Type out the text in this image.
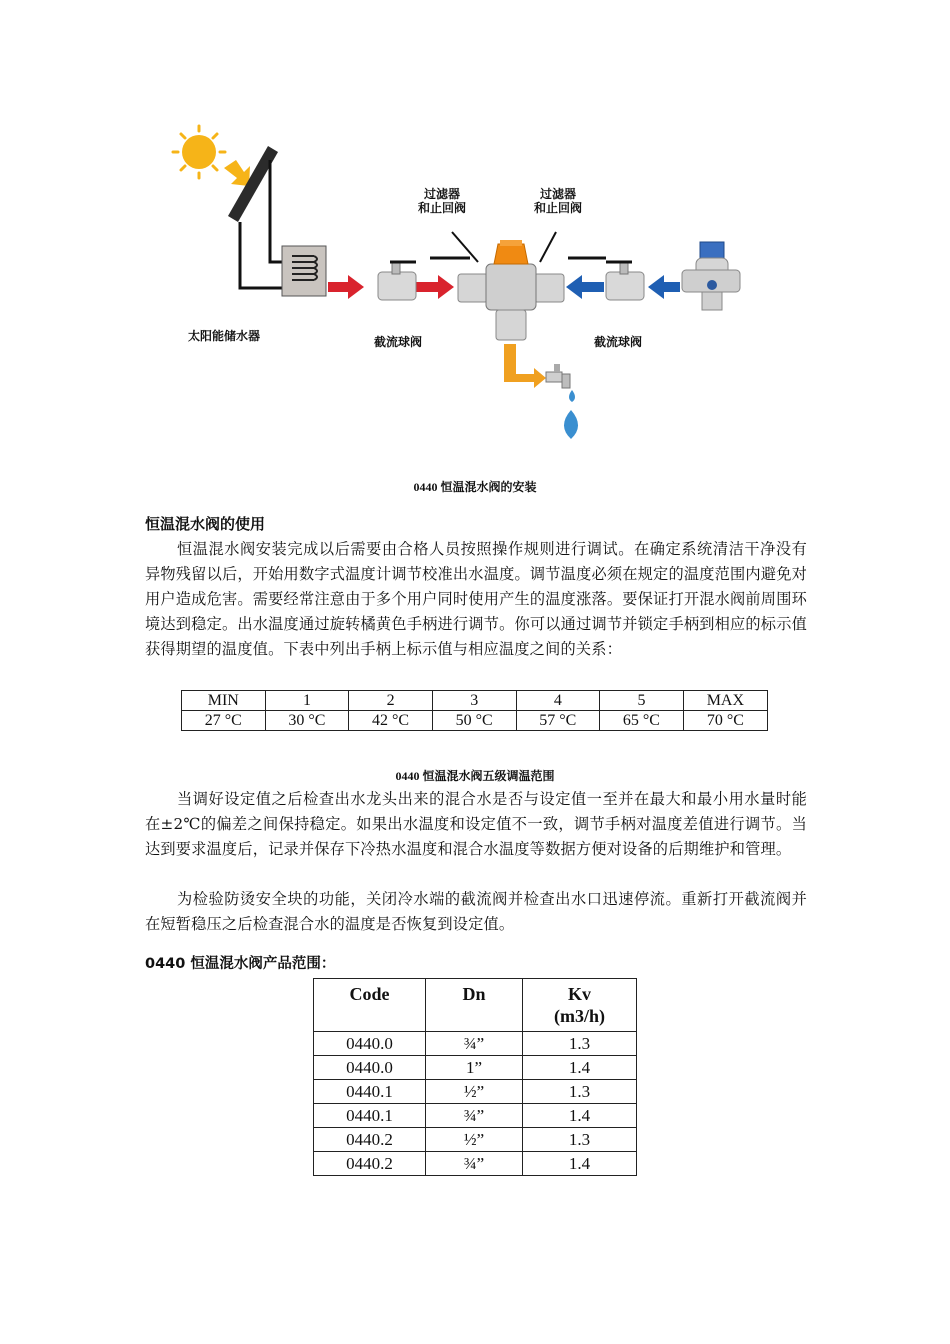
过滤器
和止回阀
过滤器
和止回阀
太阳能储水器	截流球阀	截流球阀
0440 恒温混水阀的安装
恒温混水阀的使用
恒温混水阀安装完成以后需要由合格人员按照操作规则进行调试。在确定系统清洁干净没有异物残留以后，开始用数字式温度计调节校准出水温度。调节温度必须在规定的温度范围内避免对用户造成危害。需要经常注意由于多个用户同时使用产生的温度涨落。要保证打开混水阀前周围环境达到稳定。出水温度通过旋转橘黄色手柄进行调节。你可以通过调节并锁定手柄到相应的标示值获得期望的温度值。下表中列出手柄上标示值与相应温度之间的关系：
MIN	1	2	3	4	5	MAX
27 °C	30 °C	42 °C	50 °C	57 °C	65 °C	70 °C
0440 恒温混水阀五级调温范围
当调好设定值之后检查出水龙头出来的混合水是否与设定值一至并在最大和最小用水量时能在±2℃的偏差之间保持稳定。如果出水温度和设定值不一致，调节手柄对温度差值进行调节。当达到要求温度后，记录并保存下冷热水温度和混合水温度等数据方便对设备的后期维护和管理。
为检验防烫安全块的功能，关闭冷水端的截流阀并检查出水口迅速停流。重新打开截流阀并在短暂稳压之后检查混合水的温度是否恢复到设定值。
0440 恒温混水阀产品范围：
Code	Dn	Kv
(m3/h)

0440.0	¾”	1.3
0440.0	1”	1.4
0440.1	½”	1.3
0440.1	¾”	1.4
0440.2	½”	1.3
0440.2	¾”	1.4
